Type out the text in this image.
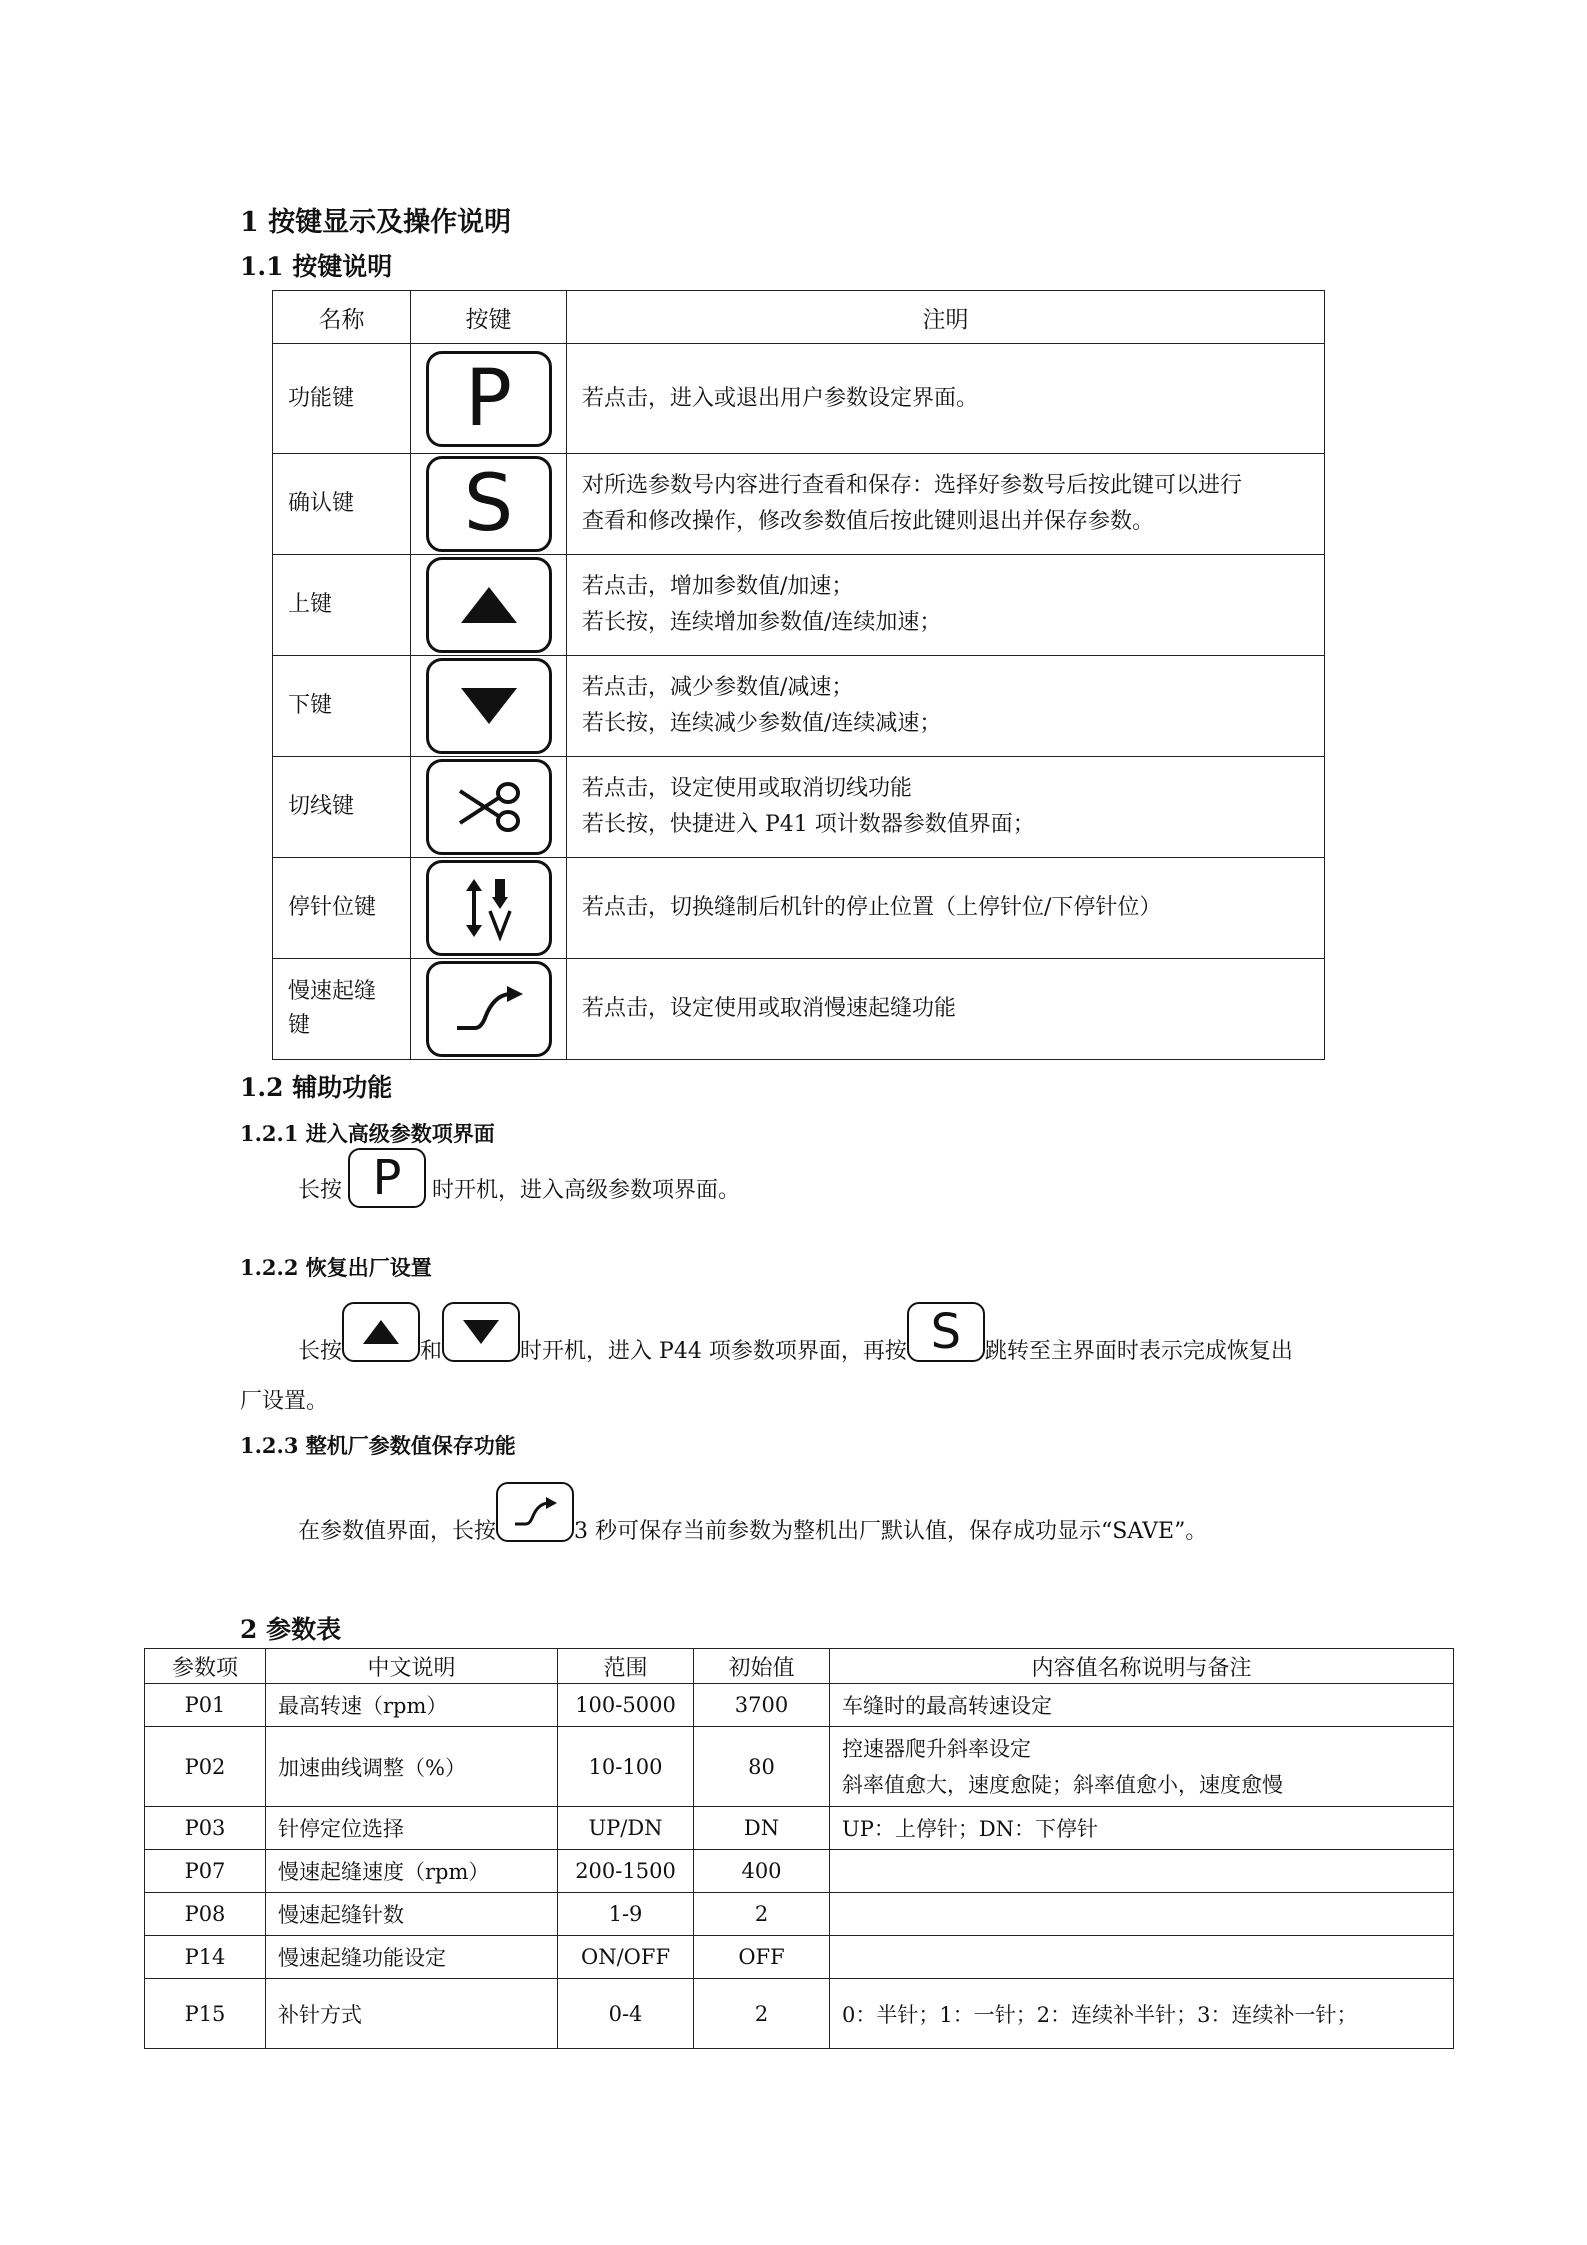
1 按键显示及操作说明
1.1 按键说明
名称	按键	注明
功能键	P	若点击，进入或退出用户参数设定界面。
确认键	S	对所选参数号内容进行查看和保存：选择好参数号后按此键可以进行
查看和修改操作，修改参数值后按此键则退出并保存参数。

上键		若点击，增加参数值/加速；
若长按，连续增加参数值/连续加速；

下键		若点击，减少参数值/减速；
若长按，连续减少参数值/连续减速；

切线键		若点击，设定使用或取消切线功能
若长按，快捷进入 P41 项计数器参数值界面；

停针位键		若点击，切换缝制后机针的停止位置（上停针位/下停针位）

慢速起缝
键		若点击，设定使用或取消慢速起缝功能
1.2 辅助功能
1.2.1 进入高级参数项界面
长按 P 时开机，进入高级参数项界面。
1.2.2 恢复出厂设置
长按	和	时开机，进入 P44 项参数项界面，再按 S 跳转至主界面时表示完成恢复出
厂设置。
1.2.3 整机厂参数值保存功能
在参数值界面，长按	3 秒可保存当前参数为整机出厂默认值，保存成功显示“SAVE”。
2 参数表
参数项	中文说明	范围	初始值	内容值名称说明与备注
P01	最高转速（rpm）	100-5000	3700	车缝时的最高转速设定
P02	加速曲线调整（%）	10-100	80	控速器爬升斜率设定
斜率值愈大，速度愈陡；斜率值愈小，速度愈慢

P03	针停定位选择	UP/DN	DN	UP：上停针；DN：下停针
P07	慢速起缝速度（rpm）	200-1500	400	
P08	慢速起缝针数	1-9	2	
P14	慢速起缝功能设定	ON/OFF	OFF	
P15	补针方式	0-4	2	0：半针；1：一针；2：连续补半针；3：连续补一针；
